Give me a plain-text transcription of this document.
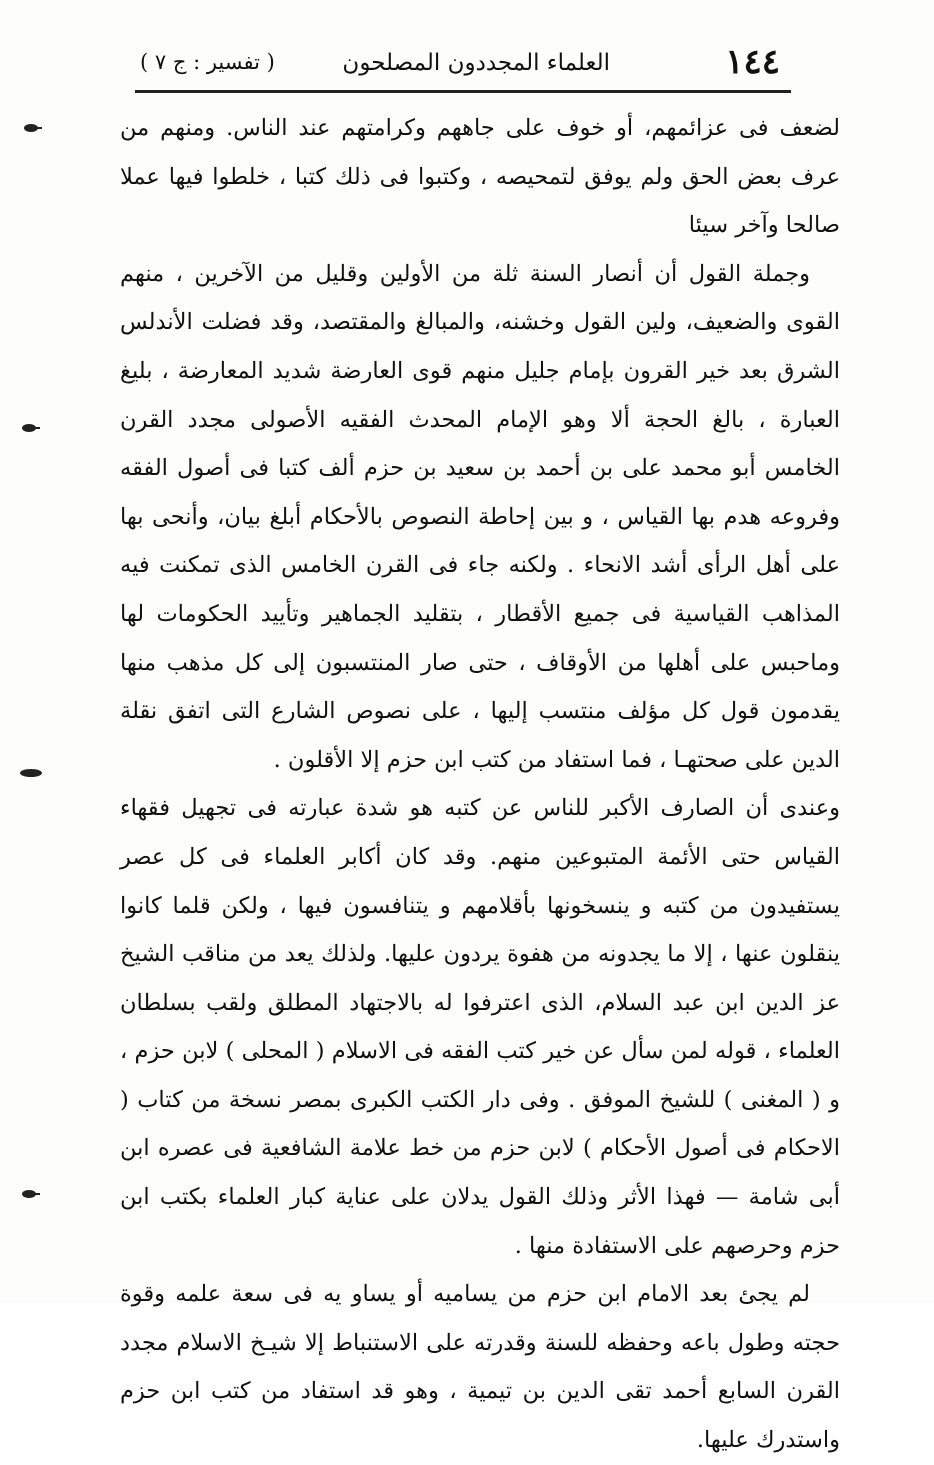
١٤٤
العلماء المجددون المصلحون
( تفسير : ج ٧ )

لضعف فى عزائمهم، أو خوف على جاههم وكرامتهم عند الناس. ومنهم من عرف بعض الحق ولم يوفق لتمحيصه ، وكتبوا فى ذلك كتبا ، خلطوا فيها عملا صالحا وآخر سيئا

وجملة القول أن أنصار السنة ثلة من الأولين وقليل من الآخرين ، منهم القوى والضعيف، ولين القول وخشنه، والمبالغ والمقتصد، وقد فضلت الأندلس الشرق بعد خير القرون بإمام جليل منهم قوى العارضة شديد المعارضة ، بليغ العبارة ، بالغ الحجة ألا وهو الإمام المحدث الفقيه الأصولى مجدد القرن الخامس أبو محمد على بن أحمد بن سعيد بن حزم ألف كتبا فى أصول الفقه وفروعه هدم بها القياس ، و بين إحاطة النصوص بالأحكام أبلغ بيان، وأنحى بها على أهل الرأى أشد الانحاء . ولكنه جاء فى القرن الخامس الذى تمكنت فيه المذاهب القياسية فى جميع الأقطار ، بتقليد الجماهير وتأييد الحكومات لها وماحبس على أهلها من الأوقاف ، حتى صار المنتسبون إلى كل مذهب منها يقدمون قول كل مؤلف منتسب إليها ، على نصوص الشارع التى اتفق نقلة الدين على صحتهـا ، فما استفاد من كتب ابن حزم إلا الأقلون .

وعندى أن الصارف الأكبر للناس عن كتبه هو شدة عبارته فى تجهيل فقهاء القياس حتى الأئمة المتبوعين منهم. وقد كان أكابر العلماء فى كل عصر يستفيدون من كتبه و ينسخونها بأقلامهم و يتنافسون فيها ، ولكن قلما كانوا ينقلون عنها ، إلا ما يجدونه من هفوة يردون عليها. ولذلك يعد من مناقب الشيخ عز الدين ابن عبد السلام، الذى اعترفوا له بالاجتهاد المطلق ولقب بسلطان العلماء ، قوله لمن سأل عن خير كتب الفقه فى الاسلام ( المحلى ) لابن حزم ، و ( المغنى ) للشيخ الموفق . وفى دار الكتب الكبرى بمصر نسخة من كتاب ( الاحكام فى أصول الأحكام ) لابن حزم من خط علامة الشافعية فى عصره ابن أبى شامة — فهذا الأثر وذلك القول يدلان على عناية كبار العلماء بكتب ابن حزم وحرصهم على الاستفادة منها .

لم يجئ بعد الامام ابن حزم من يساميه أو يساو يه فى سعة علمه وقوة حجته وطول باعه وحفظه للسنة وقدرته على الاستنباط إلا شيـخ الاسلام مجدد القرن السابع أحمد تقى الدين بن تيمية ، وهو قد استفاد من كتب ابن حزم واستدرك عليها.
